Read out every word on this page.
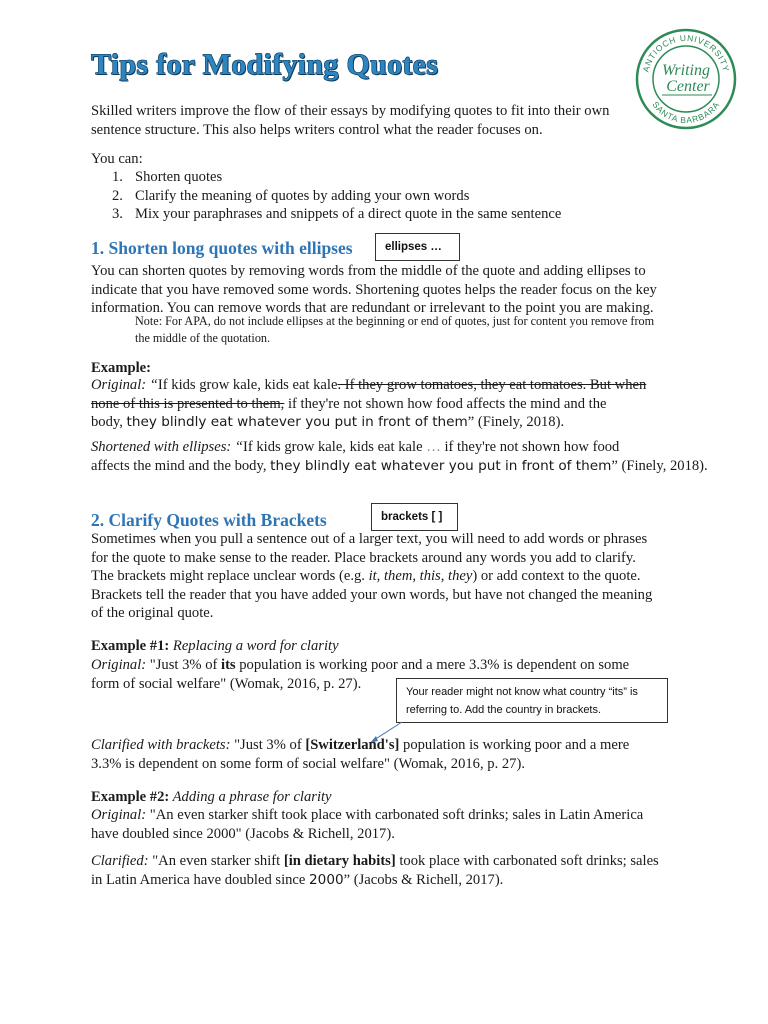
Tips for Modifying Quotes	ANTIOCH UNIVERSITY
SANTA BARBARA
Writing
Center
Skilled writers improve the flow of their essays by modifying quotes to fit into their own
sentence structure. This also helps writers control what the reader focuses on.
You can:
1. Shorten quotes
2. Clarify the meaning of quotes by adding your own words
3. Mix your paraphrases and snippets of a direct quote in the same sentence
1. Shorten long quotes with ellipses	ellipses …
You can shorten quotes by removing words from the middle of the quote and adding ellipses to
indicate that you have removed some words. Shortening quotes helps the reader focus on the key
information. You can remove words that are redundant or irrelevant to the point you are making.
Note: For APA, do not include ellipses at the beginning or end of quotes, just for content you remove from
the middle of the quotation.
Example:
Original: “If kids grow kale, kids eat kale. If they grow tomatoes, they eat tomatoes. But when
none of this is presented to them, if they're not shown how food affects the mind and the
body, they blindly eat whatever you put in front of them” (Finely, 2018).
Shortened with ellipses: “If kids grow kale, kids eat kale … if they're not shown how food
affects the mind and the body, they blindly eat whatever you put in front of them” (Finely, 2018).
2. Clarify Quotes with Brackets	brackets [ ]
Sometimes when you pull a sentence out of a larger text, you will need to add words or phrases
for the quote to make sense to the reader. Place brackets around any words you add to clarify.
The brackets might replace unclear words (e.g. it, them, this, they) or add context to the quote.
Brackets tell the reader that you have added your own words, but have not changed the meaning
of the original quote.
Example #1: Replacing a word for clarity
Original: "Just 3% of its population is working poor and a mere 3.3% is dependent on some
form of social welfare" (Womak, 2016, p. 27).
Your reader might not know what country “its” is
referring to. Add the country in brackets.
Clarified with brackets: "Just 3% of [Switzerland's] population is working poor and a mere
3.3% is dependent on some form of social welfare" (Womak, 2016, p. 27).
Example #2: Adding a phrase for clarity
Original: "An even starker shift took place with carbonated soft drinks; sales in Latin America
have doubled since 2000" (Jacobs & Richell, 2017).
Clarified: "An even starker shift [in dietary habits] took place with carbonated soft drinks; sales
in Latin America have doubled since 2000” (Jacobs & Richell, 2017).
